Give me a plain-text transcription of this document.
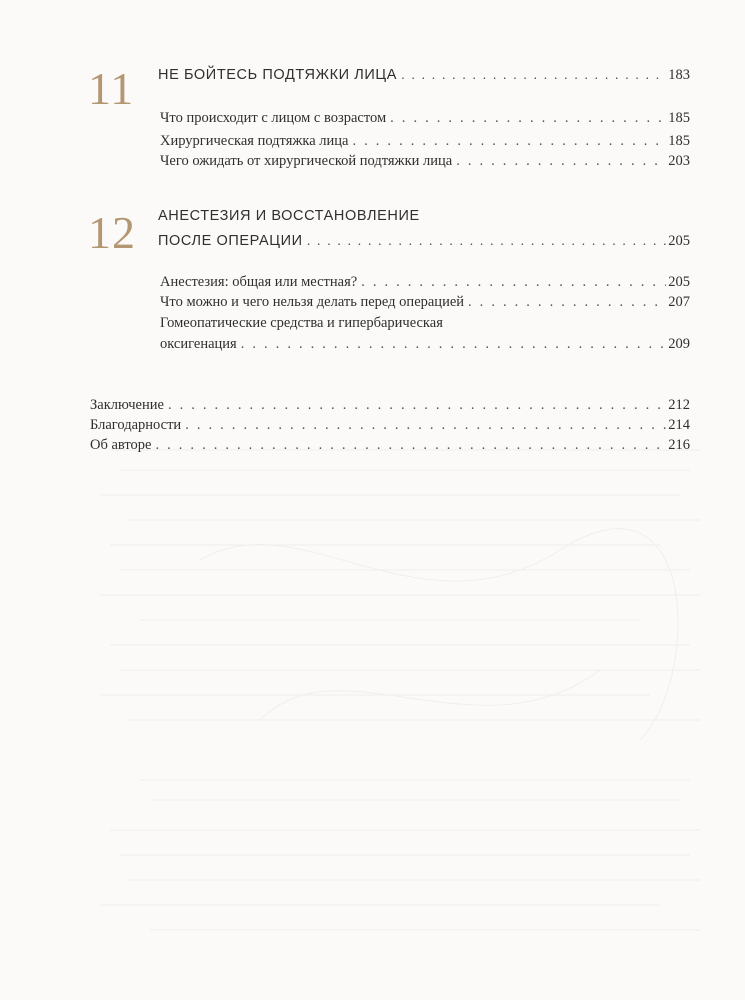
11 НЕ БОЙТЕСЬ ПОДТЯЖКИ ЛИЦА . . .	183
Что происходит с лицом с возрастом . . .	185
Хирургическая подтяжка лица . . .	185
Чего ожидать от хирургической подтяжки лица . . .	203
12 АНЕСТЕЗИЯ И ВОССТАНОВЛЕНИЕ
ПОСЛЕ ОПЕРАЦИИ . . .	205
Анестезия: общая или местная? . . .	205
Что можно и чего нельзя делать перед операцией . . .	207
Гомеопатические средства и гипербарическая
оксигенация . . .	209
Заключение . . .	212
Благодарности . . .	214
Об авторе . . .	216
